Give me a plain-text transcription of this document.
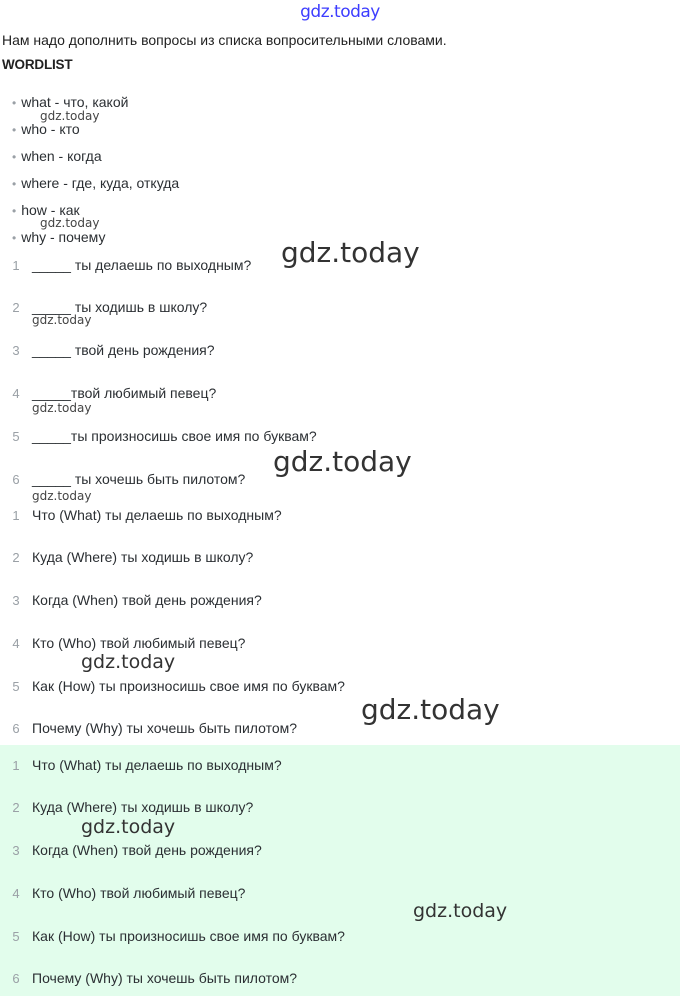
gdz.today
Нам надо дополнить вопросы из списка вопросительными словами.
WORDLIST
• what - что, какой
• who - кто
• when - когда
• where - где, куда, откуда
• how - как
• why - почему
1 _____ ты делаешь по выходным?
2 _____ ты ходишь в школу?
3 _____ твой день рождения?
4 _____твой любимый певец?
5 _____ты произносишь свое имя по буквам?
6 _____ ты хочешь быть пилотом?
1 Что (What) ты делаешь по выходным?
2 Куда (Where) ты ходишь в школу?
3 Когда (When) твой день рождения?
4 Кто (Who) твой любимый певец?
5 Как (How) ты произносишь свое имя по буквам?
6 Почему (Why) ты хочешь быть пилотом?
1 Что (What) ты делаешь по выходным?
2 Куда (Where) ты ходишь в школу?
3 Когда (When) твой день рождения?
4 Кто (Who) твой любимый певец?
5 Как (How) ты произносишь свое имя по буквам?
6 Почему (Why) ты хочешь быть пилотом?
gdz.today
gdz.today
gdz.today
gdz.today
gdz.today
gdz.today
gdz.today
gdz.today
gdz.today
gdz.today
gdz.today
